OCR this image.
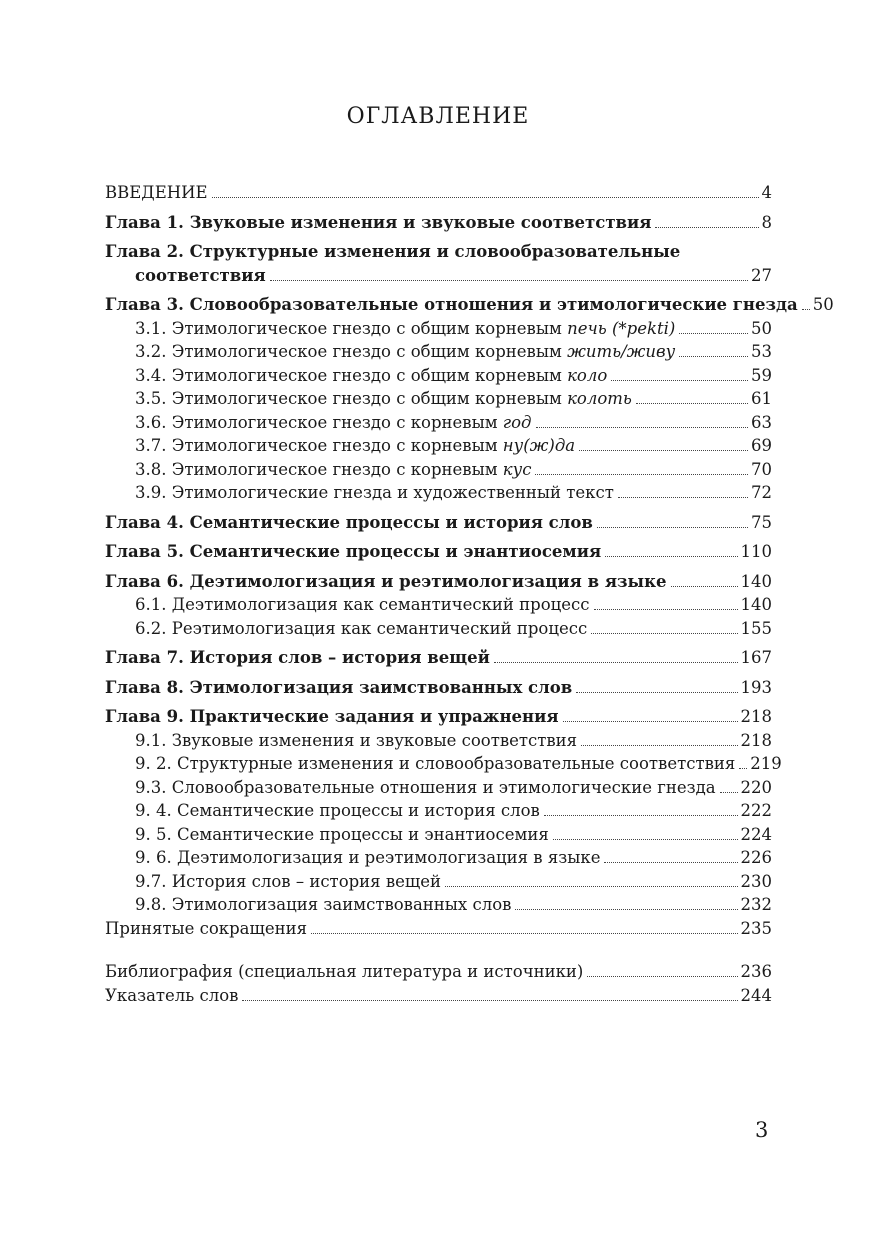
ОГЛАВЛЕНИЕ
ВВЕДЕНИЕ	4
Глава 1. Звуковые изменения и звуковые соответствия	8
Глава 2. Структурные изменения и словообразовательные
соответствия	27
Глава 3. Словообразовательные отношения и этимологические гнезда 50
3.1. Этимологическое гнездо с общим корневым печь (*pekti)	50
3.2. Этимологическое гнездо с общим корневым жить/живу	53
3.4. Этимологическое гнездо с общим корневым коло	59
3.5. Этимологическое гнездо с общим корневым колоть	61
3.6. Этимологическое гнездо с корневым год	63
3.7. Этимологическое гнездо с корневым ну(ж)да	69
3.8. Этимологическое гнездо с корневым кус	70
3.9. Этимологические гнезда и художественный текст	72
Глава 4. Семантические процессы и история слов	75
Глава 5. Семантические процессы и энантиосемия	110
Глава 6. Деэтимологизация и реэтимологизация в языке	140
6.1. Деэтимологизация как семантический процесс	140
6.2. Реэтимологизация как семантический процесс	155
Глава 7. История слов – история вещей	167
Глава 8. Этимологизация заимствованных слов	193
Глава 9. Практические задания и упражнения	218
9.1. Звуковые изменения и звуковые соответствия	218
9. 2. Структурные изменения и словообразовательные соответствия 219
9.3. Словообразовательные отношения и этимологические гнезда 220
9. 4. Семантические процессы и история слов	222
9. 5. Семантические процессы и энантиосемия	224
9. 6. Деэтимологизация и реэтимологизация в языке	226
9.7. История слов – история вещей	230
9.8. Этимологизация заимствованных слов	232
Принятые сокращения	235
Библиография (специальная литература и источники)	236
Указатель слов	244
3
